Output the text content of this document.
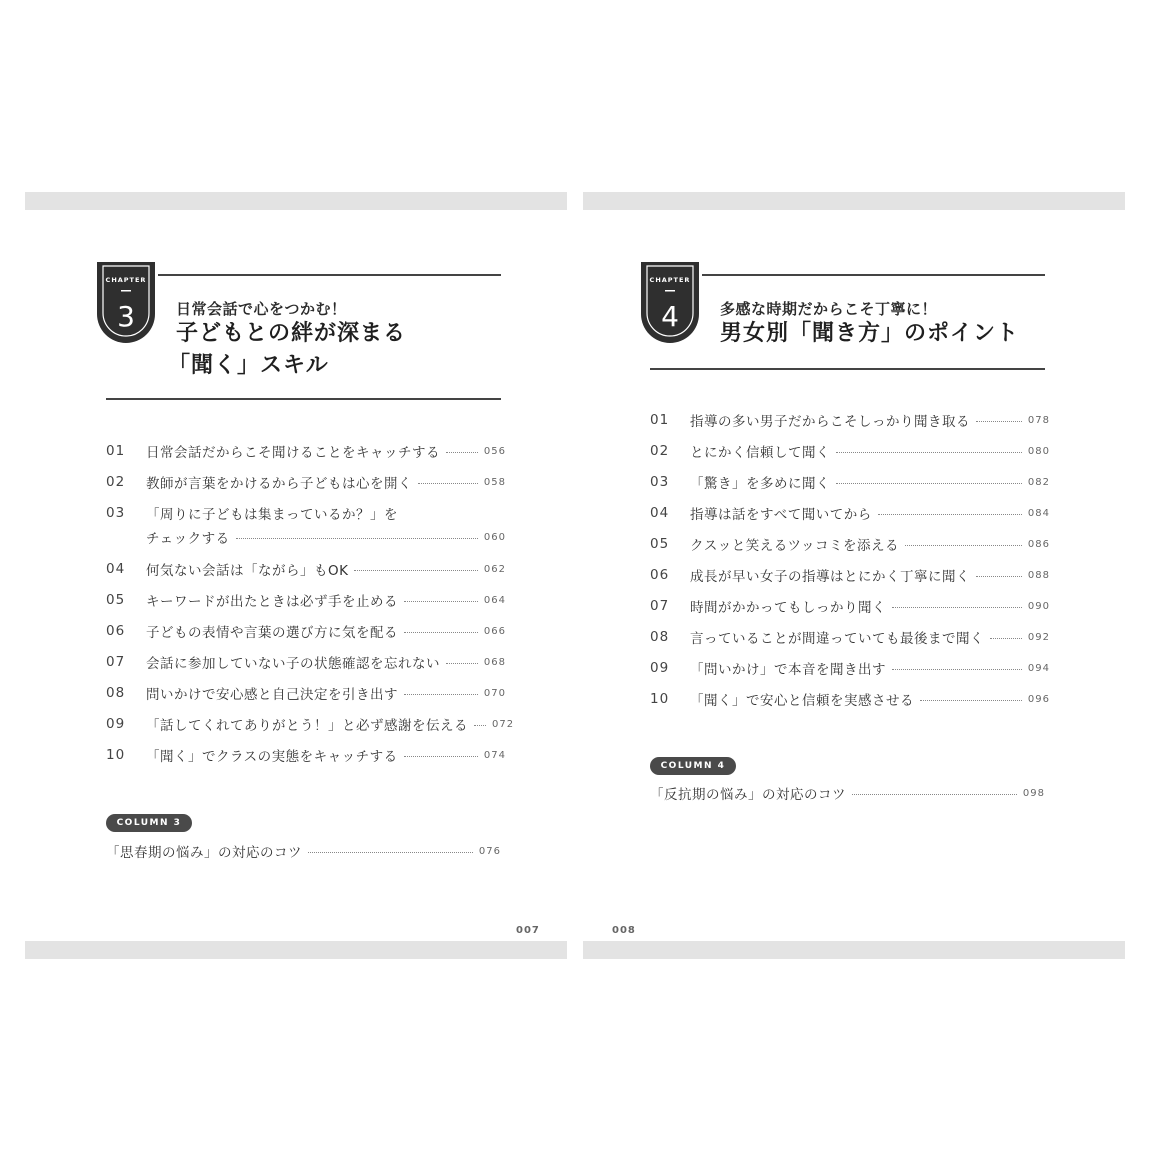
CHAPTER
3	日常会話で心をつかむ！
子どもとの絆が深まる
「聞く」スキル
01	日常会話だからこそ聞けることをキャッチする	056
02	教師が言葉をかけるから子どもは心を開く	058
03	「周りに子どもは集まっているか？」を
チェックする	060
04	何気ない会話は「ながら」もOK	062
05	キーワードが出たときは必ず手を止める	064
06	子どもの表情や言葉の選び方に気を配る	066
07	会話に参加していない子の状態確認を忘れない	068
08	問いかけで安心感と自己決定を引き出す	070
09	「話してくれてありがとう！」と必ず感謝を伝える 072
10	「聞く」でクラスの実態をキャッチする	074
COLUMN 3
「思春期の悩み」の対応のコツ	076
007
CHAPTER
4	多感な時期だからこそ丁寧に！
男女別「聞き方」のポイント
01	指導の多い男子だからこそしっかり聞き取る	078
02	とにかく信頼して聞く	080
03	「驚き」を多めに聞く	082
04	指導は話をすべて聞いてから	084
05	クスッと笑えるツッコミを添える	086
06	成長が早い女子の指導はとにかく丁寧に聞く	088
07	時間がかかってもしっかり聞く	090
08	言っていることが間違っていても最後まで聞く	092
09	「問いかけ」で本音を聞き出す	094
10	「聞く」で安心と信頼を実感させる	096
COLUMN 4
「反抗期の悩み」の対応のコツ	098
008
